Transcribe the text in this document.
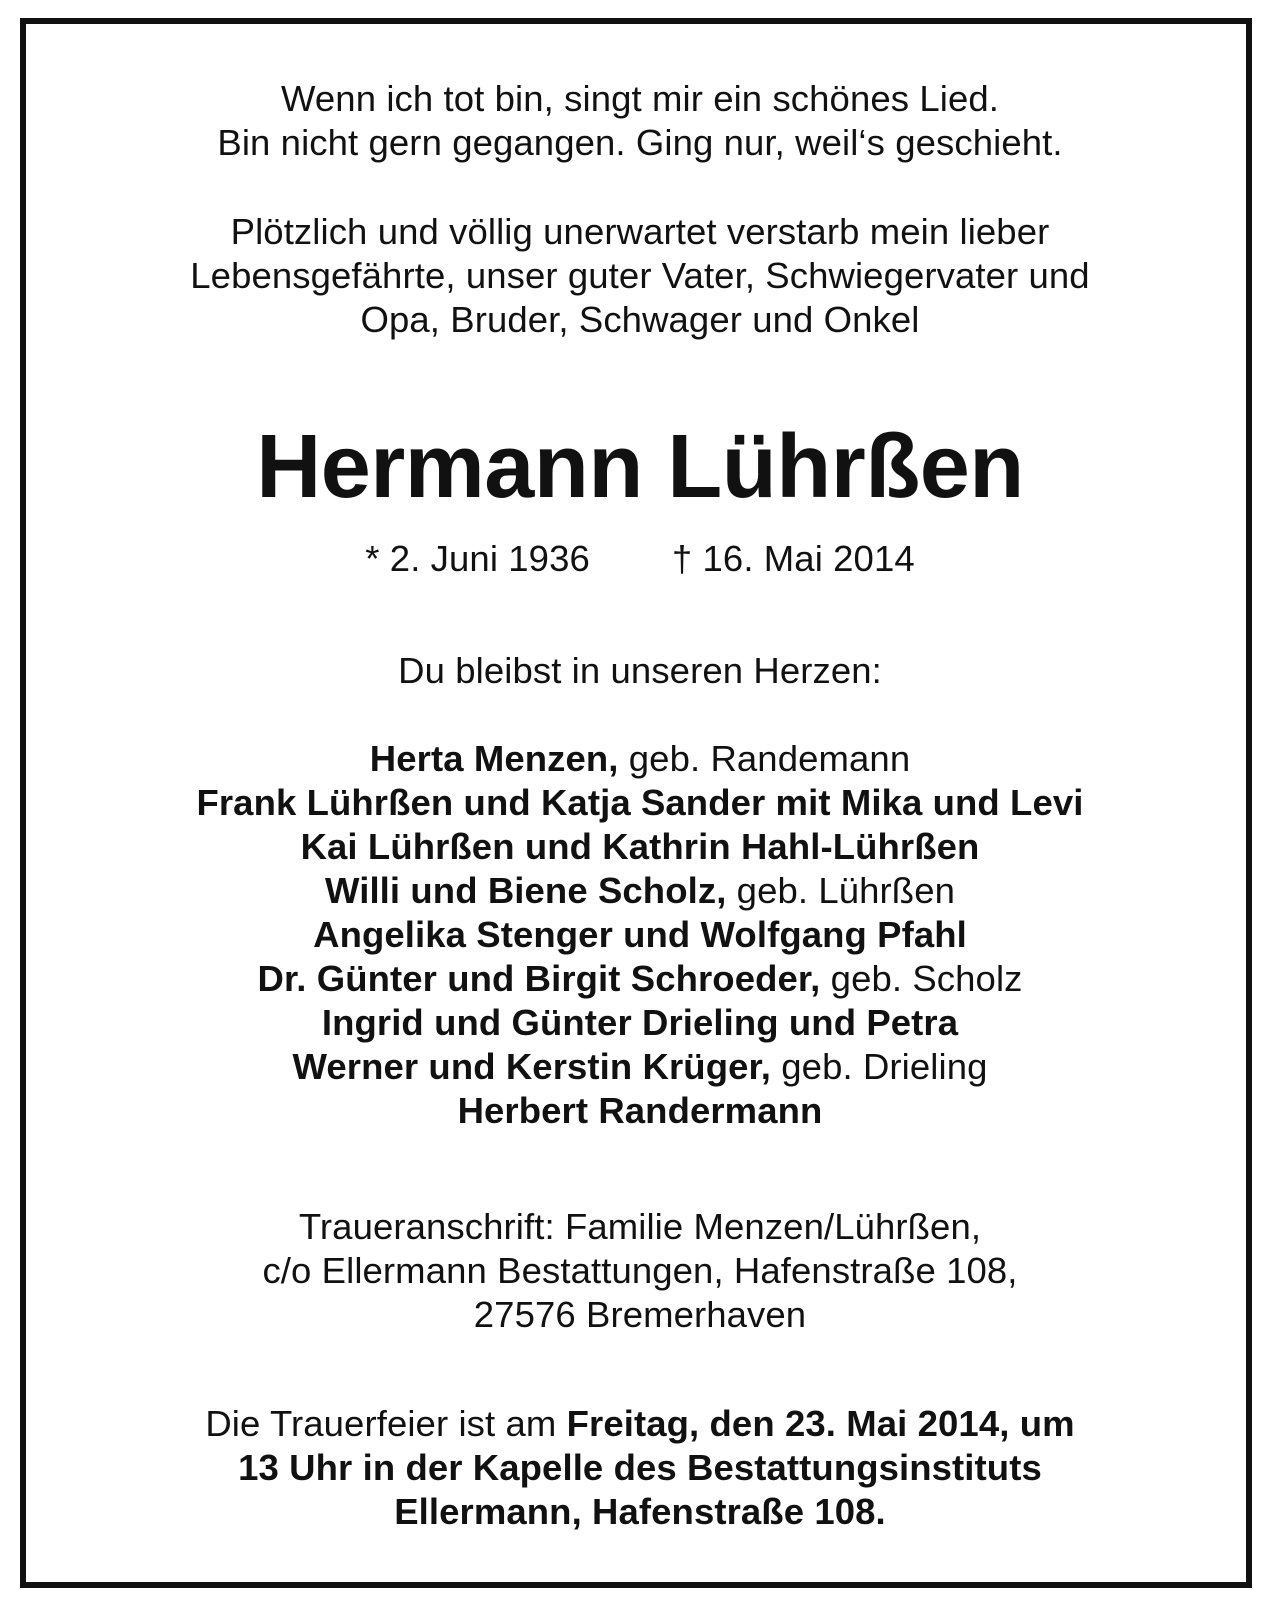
Wenn ich tot bin, singt mir ein schönes Lied.
Bin nicht gern gegangen. Ging nur, weil‘s geschieht.
Plötzlich und völlig unerwartet verstarb mein lieber
Lebensgefährte, unser guter Vater, Schwiegervater und
Opa, Bruder, Schwager und Onkel
Hermann Lührßen
* 2. Juni 1936 † 16. Mai 2014
Du bleibst in unseren Herzen:
Herta Menzen, geb. Randemann
Frank Lührßen und Katja Sander mit Mika und Levi
Kai Lührßen und Kathrin Hahl-Lührßen
Willi und Biene Scholz, geb. Lührßen
Angelika Stenger und Wolfgang Pfahl
Dr. Günter und Birgit Schroeder, geb. Scholz
Ingrid und Günter Drieling und Petra
Werner und Kerstin Krüger, geb. Drieling
Herbert Randermann
Traueranschrift: Familie Menzen/Lührßen,
c/o Ellermann Bestattungen, Hafenstraße 108,
27576 Bremerhaven
Die Trauerfeier ist am Freitag, den 23. Mai 2014, um
13 Uhr in der Kapelle des Bestattungsinstituts
Ellermann, Hafenstraße 108.
